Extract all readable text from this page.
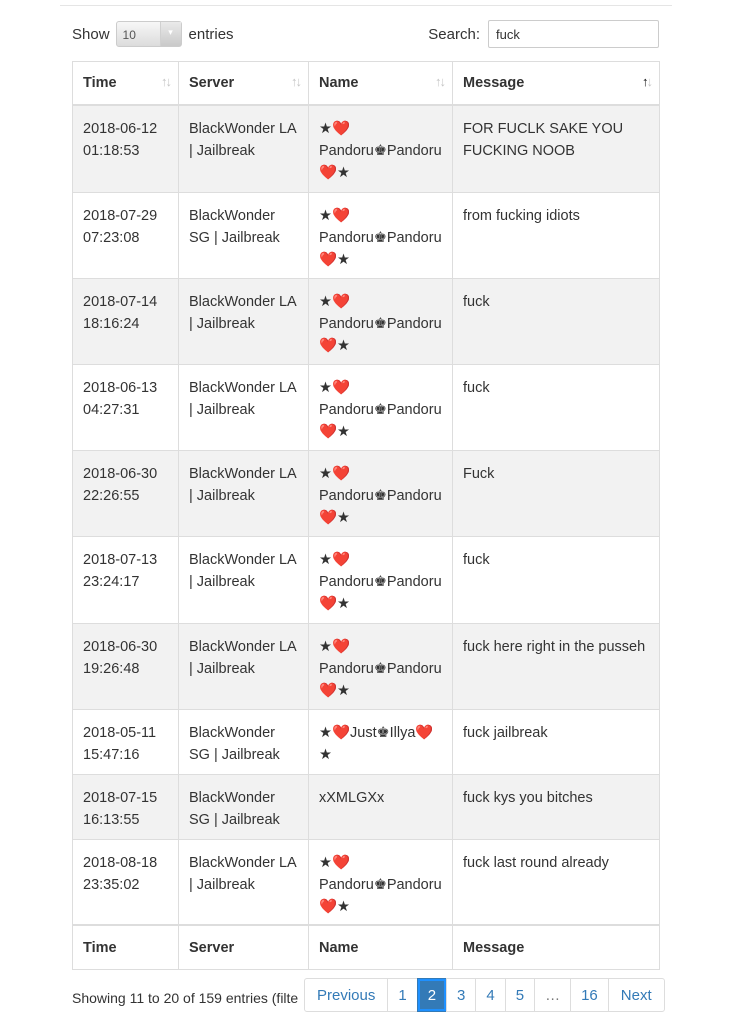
Show 10	▾	entries	Search:
fuck
Time ↑↓	Server ↑↓	Name ↑↓	Message ↑↓

2018-06-12 01:18:53	BlackWonder LA | Jailbreak	★❤️ Pandoru♚Pandoru ❤️★	FOR FUCLK SAKE YOU FUCKING NOOB
2018-07-29 07:23:08	BlackWonder SG | Jailbreak	★❤️ Pandoru♚Pandoru ❤️★	from fucking idiots
2018-07-14 18:16:24	BlackWonder LA | Jailbreak	★❤️ Pandoru♚Pandoru ❤️★	fuck
2018-06-13 04:27:31	BlackWonder LA | Jailbreak	★❤️ Pandoru♚Pandoru ❤️★	fuck
2018-06-30 22:26:55	BlackWonder LA | Jailbreak	★❤️ Pandoru♚Pandoru ❤️★	Fuck
2018-07-13 23:24:17	BlackWonder LA | Jailbreak	★❤️ Pandoru♚Pandoru ❤️★	fuck
2018-06-30 19:26:48	BlackWonder LA | Jailbreak	★❤️ Pandoru♚Pandoru ❤️★	fuck here right in the pusseh
2018-05-11 15:47:16	BlackWonder SG | Jailbreak	★❤️Just♚Illya❤️ ★	fuck jailbreak
2018-07-15 16:13:55	BlackWonder SG | Jailbreak	xXMLGXx	fuck kys you bitches
2018-08-18 23:35:02	BlackWonder LA | Jailbreak	★❤️ Pandoru♚Pandoru ❤️★	fuck last round already
Time	Server	Name	Message
Showing 11 to 20 of 159 entries (filte	Previous	1	2	3	4	5	…	16	Next
